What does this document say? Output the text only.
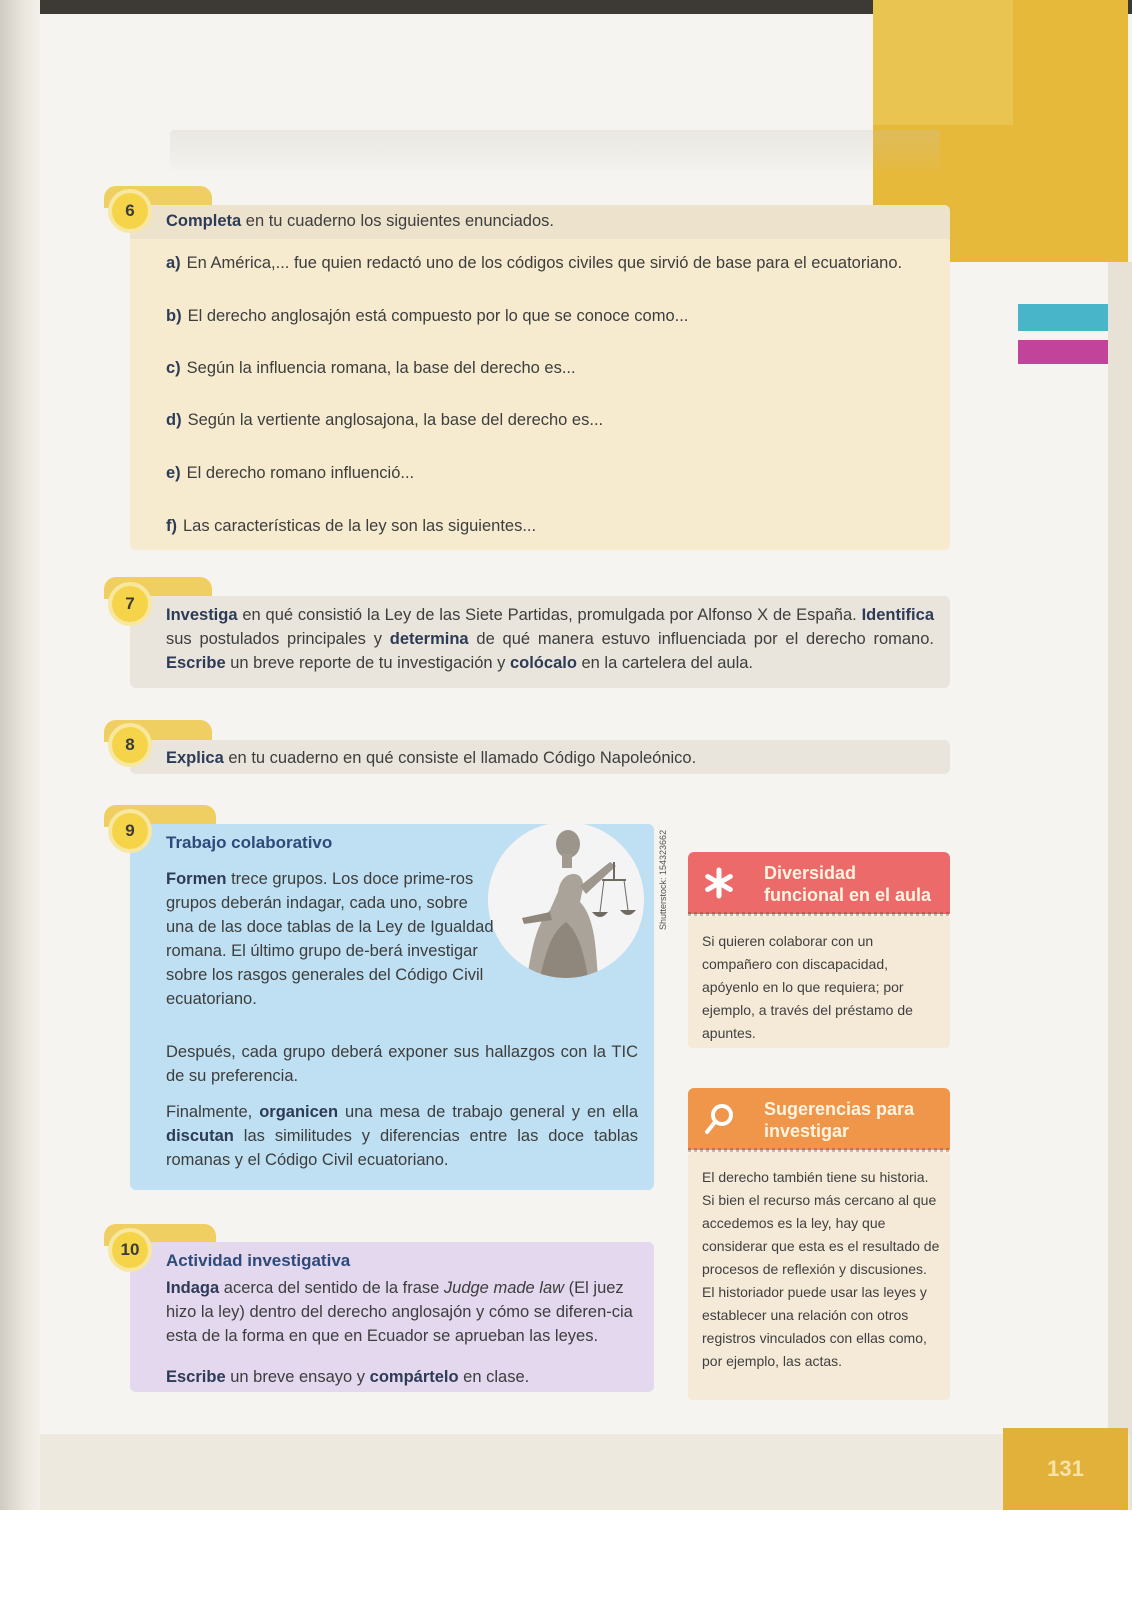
131
6
Completa en tu cuaderno los siguientes enunciados.
a) En América,... fue quien redactó uno de los códigos civiles que sirvió de base para el ecuatoriano.
b) El derecho anglosajón está compuesto por lo que se conoce como...
c) Según la influencia romana, la base del derecho es...
d) Según la vertiente anglosajona, la base del derecho es...
e) El derecho romano influenció...
f) Las características de la ley son las siguientes...
7
Investiga en qué consistió la Ley de las Siete Partidas, promulgada por Alfonso X de España. Identifica sus postulados principales y determina de qué manera estuvo influenciada por el derecho romano. Escribe un breve reporte de tu investigación y colócalo en la cartelera del aula.
8
Explica en tu cuaderno en qué consiste el llamado Código Napoleónico.
9
Trabajo colaborativo	Shutterstock: 154323662
Formen trece grupos. Los doce prime-ros grupos deberán indagar, cada uno, sobre una de las doce tablas de la Ley de Igualdad romana. El último grupo de-berá investigar sobre los rasgos generales del Código Civil ecuatoriano.
Después, cada grupo deberá exponer sus hallazgos con la TIC de su preferencia.
Finalmente, organicen una mesa de trabajo general y en ella discutan las similitudes y diferencias entre las doce tablas romanas y el Código Civil ecuatoriano.
10
Actividad investigativa
Indaga acerca del sentido de la frase Judge made law (El juez hizo la ley) dentro del derecho anglosajón y cómo se diferen-cia esta de la forma en que en Ecuador se aprueban las leyes.
Escribe un breve ensayo y compártelo en clase.
Diversidad
funcional en el aula
Si quieren colaborar con un compañero con discapacidad, apóyenlo en lo que requiera; por ejemplo, a través del préstamo de apuntes.
Sugerencias para
investigar
El derecho también tiene su historia. Si bien el recurso más cercano al que accedemos es la ley, hay que considerar que esta es el resultado de procesos de reflexión y discusiones. El historiador puede usar las leyes y establecer una relación con otros registros vinculados con ellas como, por ejemplo, las actas.
